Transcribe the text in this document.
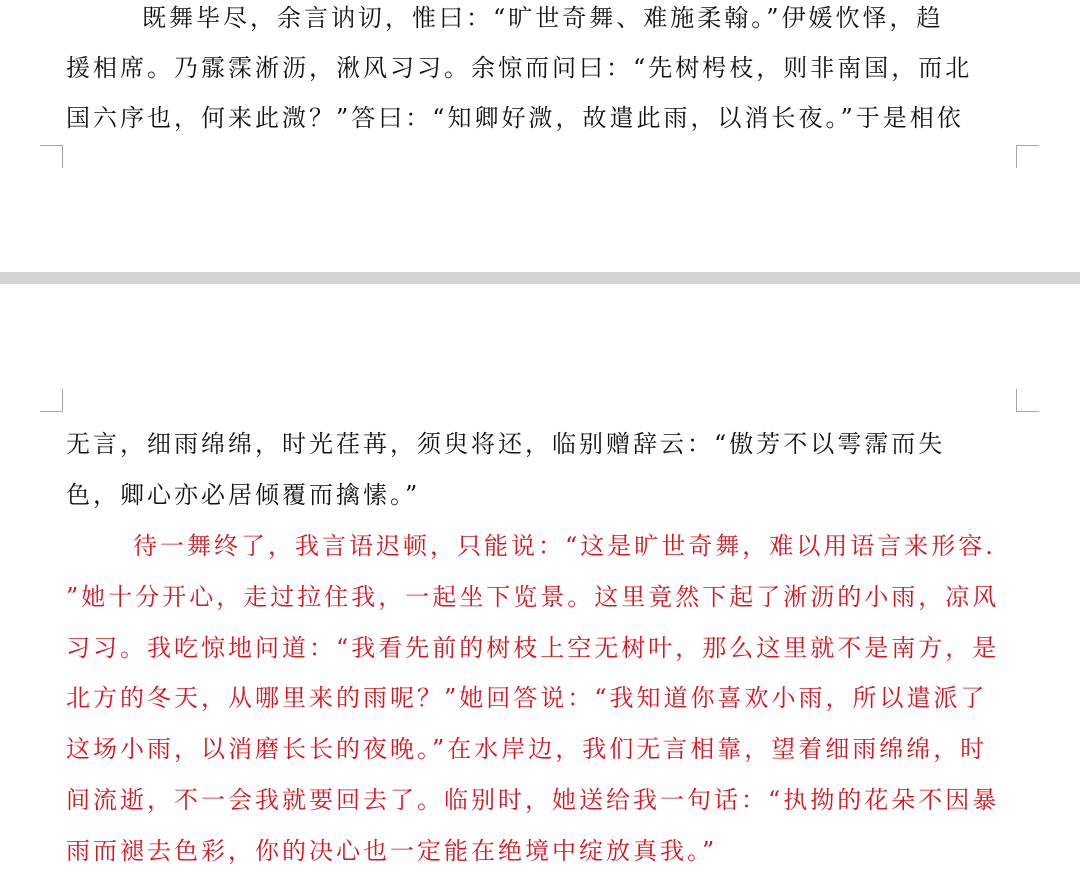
既舞毕尽，余言讷讱，惟曰：“旷世奇舞、难施柔翰。”伊媛忺怿，趋
援相席。乃霡霂淅沥，湫风习习。余惊而问曰：“先树枵枝，则非南国，而北
国六序也，何来此溦？”答曰：“知卿好溦，故遣此雨，以消长夜。”于是相依
无言，细雨绵绵，时光荏苒，须臾将还，临别赠辞云：“傲芳不以雩霈而失
色，卿心亦必居倾覆而擒愫。”
待一舞终了，我言语迟顿，只能说：“这是旷世奇舞，难以用语言来形容.
”她十分开心，走过拉住我，一起坐下览景。这里竟然下起了淅沥的小雨，凉风
习习。我吃惊地问道：“我看先前的树枝上空无树叶，那么这里就不是南方，是
北方的冬天，从哪里来的雨呢？”她回答说：“我知道你喜欢小雨，所以遣派了
这场小雨，以消磨长长的夜晚。”在水岸边，我们无言相靠，望着细雨绵绵，时
间流逝，不一会我就要回去了。临别时，她送给我一句话：“执拗的花朵不因暴
雨而褪去色彩，你的决心也一定能在绝境中绽放真我。”
